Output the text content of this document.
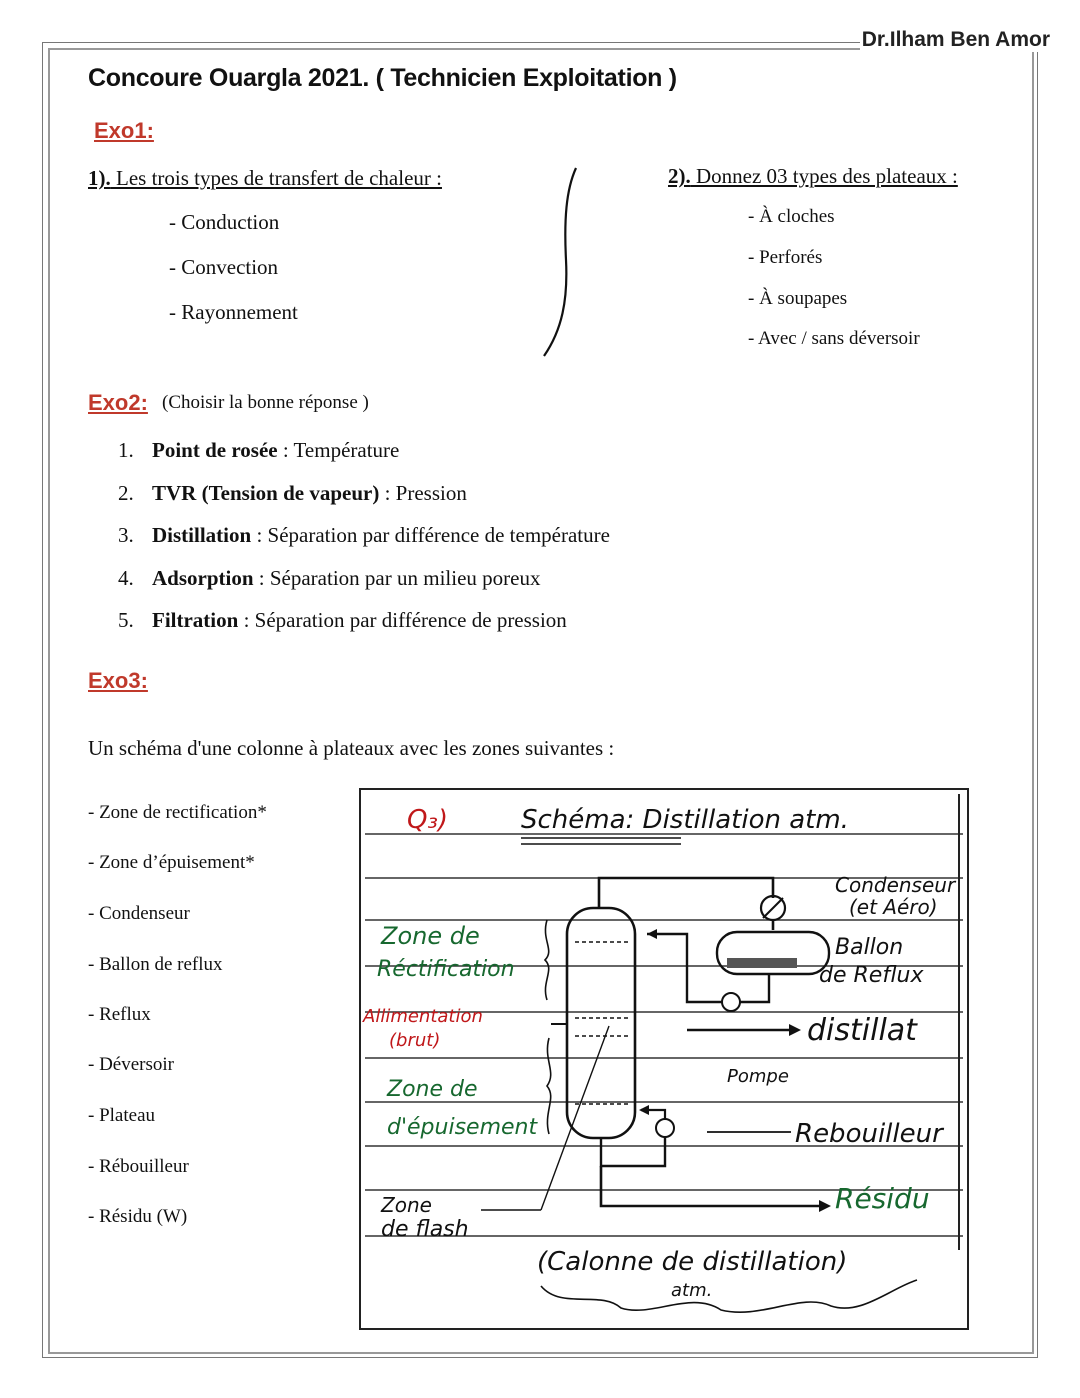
Dr.Ilham Ben Amor
Concoure Ouargla 2021. ( Technicien Exploitation )
Exo1:
1). Les trois types de transfert de chaleur :
- Conduction
- Convection
- Rayonnement
2). Donnez 03 types des plateaux :
- À cloches
- Perforés
- À soupapes
- Avec / sans déversoir
Exo2: (Choisir la bonne réponse )
1. Point de rosée : Température
2. TVR (Tension de vapeur) : Pression
3. Distillation : Séparation par différence de température
4. Adsorption : Séparation par un milieu poreux
5. Filtration : Séparation par différence de pression
Exo3:
Un schéma d'une colonne à plateaux avec les zones suivantes :
- Zone de rectification*
- Zone d’épuisement*
- Condenseur
- Ballon de reflux
- Reflux
- Déversoir
- Plateau
- Rébouilleur
- Résidu (W)
Q₃)	Schéma: Distillation atm.
Condenseur
(et Aéro)
Ballon
de Reflux
Zone de
Réctification
Allimentation
(brut)	distillat
Pompe
Zone de
d'épuisement	Rebouilleur
Résidu
Zone
de flash
(Calonne de distillation)
atm.
